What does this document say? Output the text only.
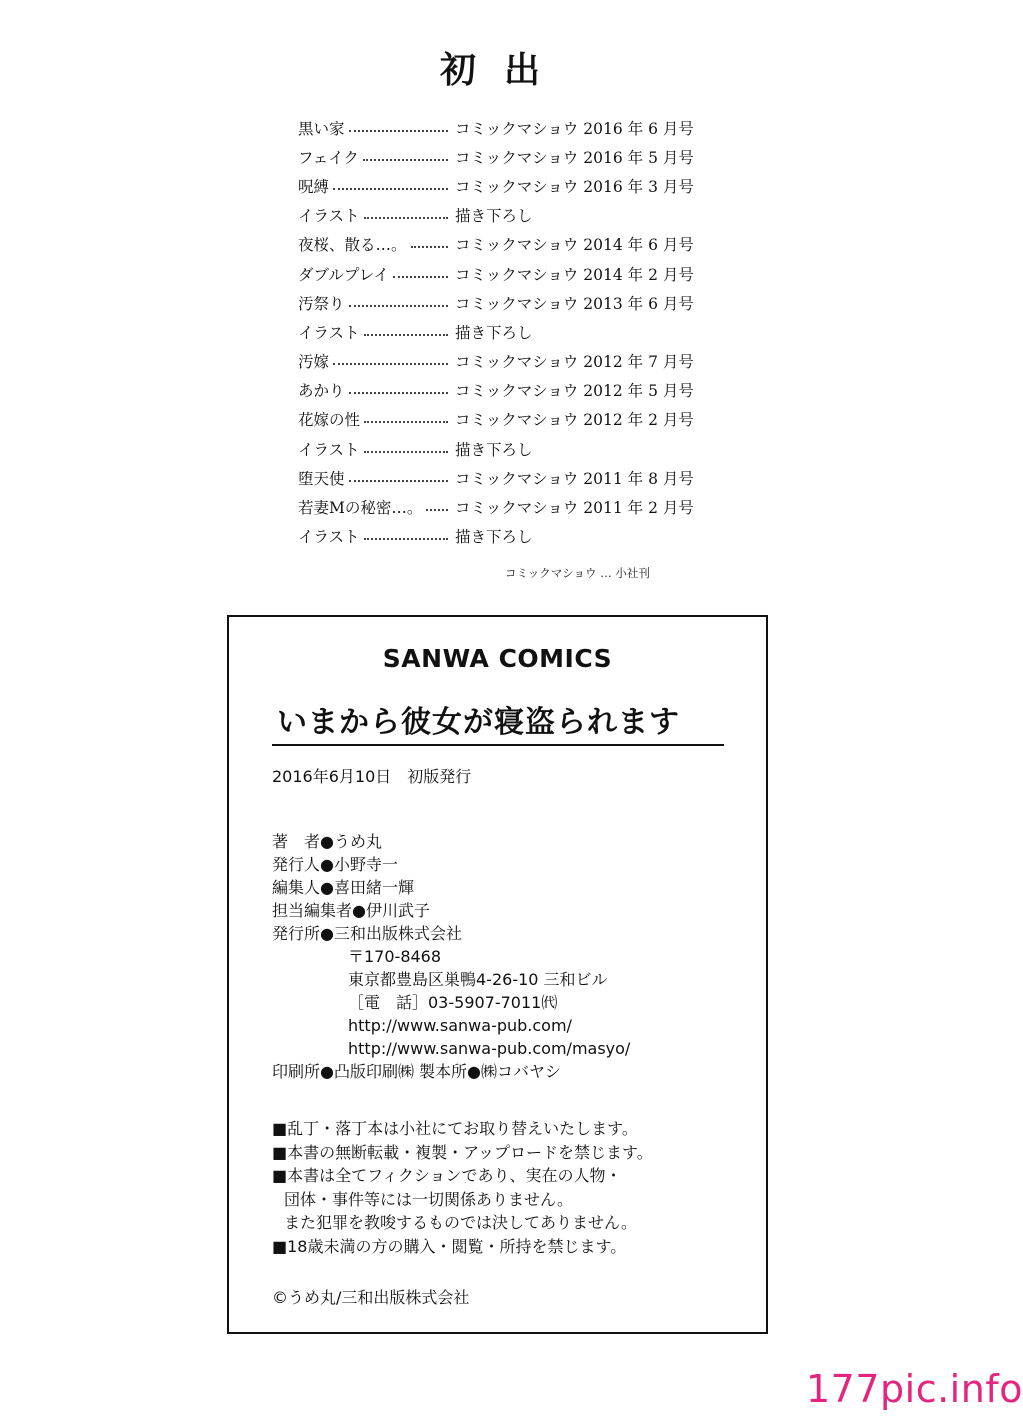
初出
黒い家	コミックマショウ 2016 年 6 月号
フェイク	コミックマショウ 2016 年 5 月号
呪縛	コミックマショウ 2016 年 3 月号
イラスト	描き下ろし
夜桜、散る…。	コミックマショウ 2014 年 6 月号
ダブルプレイ	コミックマショウ 2014 年 2 月号
汚祭り	コミックマショウ 2013 年 6 月号
イラスト	描き下ろし
汚嫁	コミックマショウ 2012 年 7 月号
あかり	コミックマショウ 2012 年 5 月号
花嫁の性	コミックマショウ 2012 年 2 月号
イラスト	描き下ろし
堕天使	コミックマショウ 2011 年 8 月号
若妻Mの秘密…。 コミックマショウ 2011 年 2 月号
イラスト	描き下ろし
コミックマショウ … 小社刊
SANWA COMICS
いまから彼女が寝盗られます
2016年6月10日　初版発行
著　者●うめ丸
発行人●小野寺一
編集人●喜田緒一輝
担当編集者●伊川武子
発行所●三和出版株式会社
〒170-8468
東京都豊島区巣鴨4-26-10 三和ビル
［電　話］03-5907-7011㈹
http://www.sanwa-pub.com/
http://www.sanwa-pub.com/masyo/
印刷所●凸版印刷㈱ 製本所●㈱コバヤシ
■乱丁・落丁本は小社にてお取り替えいたします。
■本書の無断転載・複製・アップロードを禁じます。
■本書は全てフィクションであり、実在の人物・
団体・事件等には一切関係ありません。
また犯罪を教唆するものでは決してありません。
■18歳未満の方の購入・閲覧・所持を禁じます。
©うめ丸/三和出版株式会社
177pic.info
